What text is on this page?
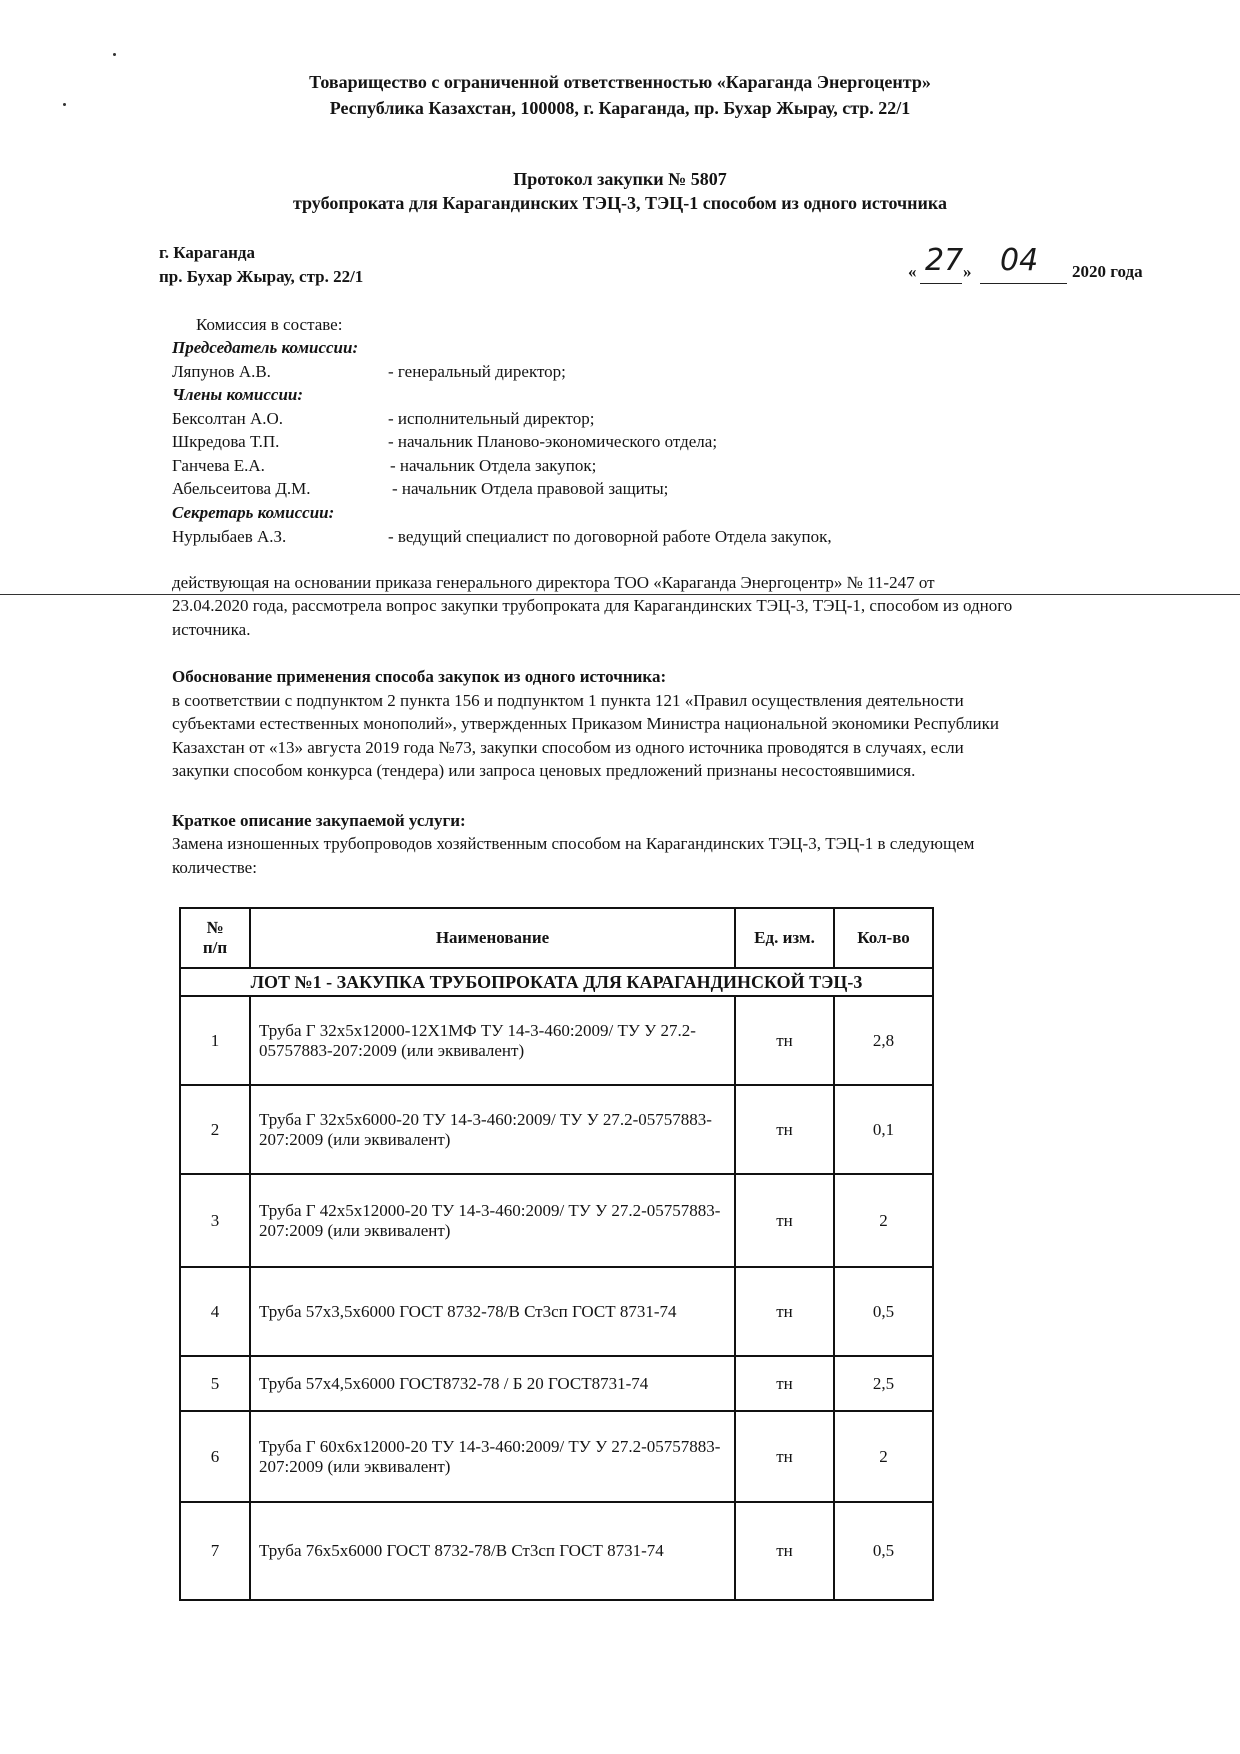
Товарищество с ограниченной ответственностью «Караганда Энергоцентр»
Республика Казахстан, 100008, г. Караганда, пр. Бухар Жырау, стр. 22/1
Протокол закупки № 5807
трубопроката для Карагандинских ТЭЦ-3, ТЭЦ-1 способом из одного источника
г. Караганда
пр. Бухар Жырау, стр. 22/1	« 27 » 04 2020 года
Комиссия в составе:
Председатель комиссии:
Ляпунов А.В.	- генеральный директор;
Члены комиссии:
Бексолтан А.О.	- исполнительный директор;
Шкредова Т.П.	- начальник Планово-экономического отдела;
Ганчева Е.А.	- начальник Отдела закупок;
Абельсеитова Д.М.	- начальник Отдела правовой защиты;
Секретарь комиссии:
Нурлыбаев А.З.	- ведущий специалист по договорной работе Отдела закупок,
действующая на основании приказа генерального директора ТОО «Караганда Энергоцентр» № 11-247 от
23.04.2020 года, рассмотрела вопрос закупки трубопроката для Карагандинских ТЭЦ-3, ТЭЦ-1, способом из одного
источника.
Обоснование применения способа закупок из одного источника:
в соответствии с подпунктом 2 пункта 156 и подпунктом 1 пункта 121 «Правил осуществления деятельности
субъектами естественных монополий», утвержденных Приказом Министра национальной экономики Республики
Казахстан от «13» августа 2019 года №73, закупки способом из одного источника проводятся в случаях, если
закупки способом конкурса (тендера) или запроса ценовых предложений признаны несостоявшимися.
Краткое описание закупаемой услуги:
Замена изношенных трубопроводов хозяйственным способом на Карагандинских ТЭЦ-3, ТЭЦ-1 в следующем
количестве:
№
п/п	Наименование	Ед. изм.	Кол-во
ЛОТ №1 - ЗАКУПКА ТРУБОПРОКАТА ДЛЯ КАРАГАНДИНСКОЙ ТЭЦ-3			
1	Труба Г 32х5х12000-12Х1МФ ТУ 14-3-460:2009/ ТУ У 27.2-05757883-207:2009 (или эквивалент)	тн	2,8
2	Труба Г 32х5х6000-20 ТУ 14-3-460:2009/ ТУ У 27.2-05757883-207:2009 (или эквивалент)	тн	0,1
3	Труба Г 42х5х12000-20 ТУ 14-3-460:2009/ ТУ У 27.2-05757883-207:2009 (или эквивалент)	тн	2
4	Труба 57х3,5х6000 ГОСТ 8732-78/В Ст3сп ГОСТ 8731-74	тн	0,5
5	Труба 57х4,5х6000 ГОСТ8732-78 / Б 20 ГОСТ8731-74	тн	2,5
6	Труба Г 60х6х12000-20 ТУ 14-3-460:2009/ ТУ У 27.2-05757883-207:2009 (или эквивалент)	тн	2
7	Труба 76х5х6000 ГОСТ 8732-78/В Ст3сп ГОСТ 8731-74	тн	0,5
